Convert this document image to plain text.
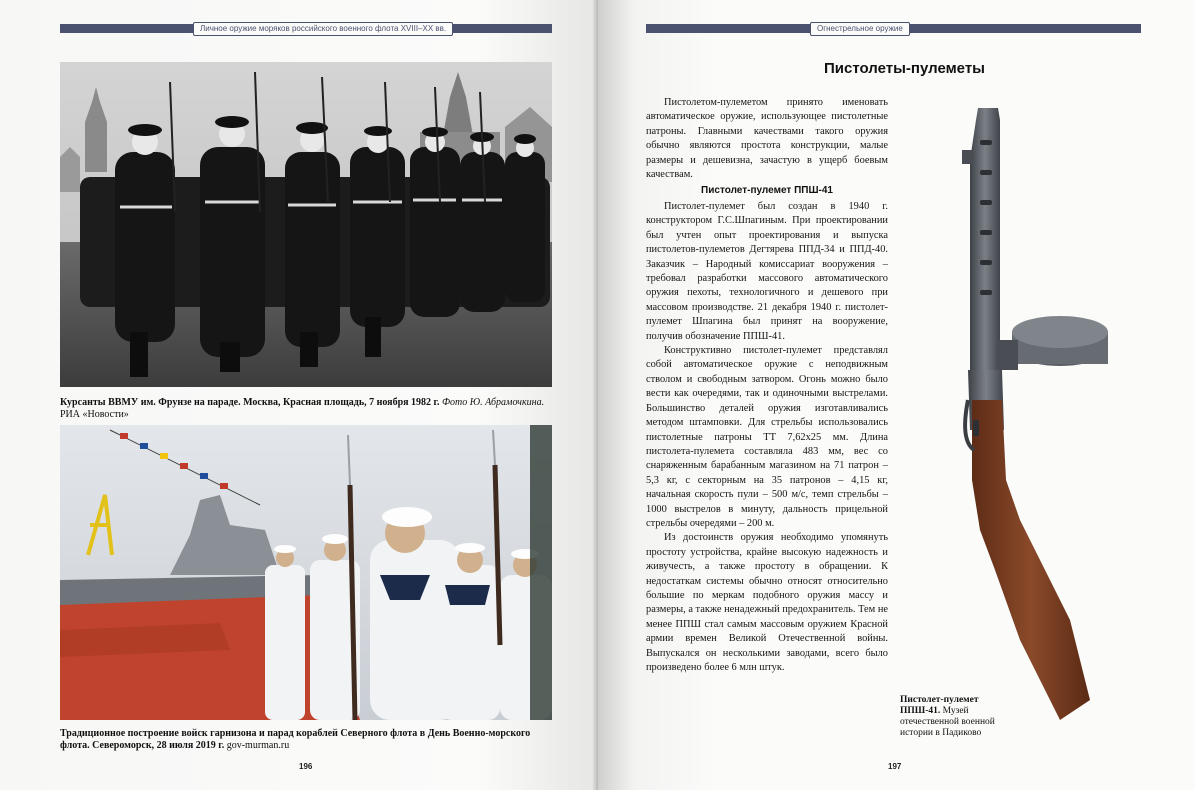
Личное оружие моряков российского военного флота XVIII–XX вв.
Курсанты ВВМУ им. Фрунзе на параде. Москва, Красная площадь, 7 ноября 1982 г. Фото Ю. Абрамочкина.
РИА «Новости»
Традиционное построение войск гарнизона и парад кораблей Северного флота в День Военно-морского флота. Североморск, 28 июля 2019 г. gov-murman.ru
196
Огнестрельное оружие
Пистолеты-пулеметы

Пистолетом-пулеметом принято именовать автоматическое оружие, использующее пистолетные патроны. Главными качествами такого оружия обычно являются простота конструкции, малые размеры и дешевизна, зачастую в ущерб боевым качествам.

Пистолет-пулемет ППШ-41

Пистолет-пулемет был создан в 1940 г. конструктором Г.С.Шпагиным. При проектировании был учтен опыт проектирования и выпуска пистолетов-пулеметов Дегтярева ППД-34 и ППД-40. Заказчик – Народный комиссариат вооружения – требовал разработки массового автоматического оружия пехоты, технологичного и дешевого при массовом производстве. 21 декабря 1940 г. пистолет-пулемет Шпагина был принят на вооружение, получив обозначение ППШ-41.

Конструктивно пистолет-пулемет представлял собой автоматическое оружие с неподвижным стволом и свободным затвором. Огонь можно было вести как очередями, так и одиночными выстрелами. Большинство деталей оружия изготавливались методом штамповки. Для стрельбы использовались пистолетные патроны ТТ 7,62x25 мм. Длина пистолета-пулемета составляла 483 мм, вес со снаряженным барабанным магазином на 71 патрон – 5,3 кг, с секторным на 35 патронов – 4,15 кг, начальная скорость пули – 500 м/с, темп стрельбы – 1000 выстрелов в минуту, дальность прицельной стрельбы очередями – 200 м.

Из достоинств оружия необходимо упомянуть простоту устройства, крайне высокую надежность и живучесть, а также простоту в обращении. К недостаткам системы обычно относят относительно большие по меркам подобного оружия массу и размеры, а также ненадежный предохранитель. Тем не менее ППШ стал самым массовым оружием Красной армии времен Великой Отечественной войны. Выпускался он несколькими заводами, всего было произведено более 6 млн штук.

Пистолет-пулемет ППШ-41. Музей отечественной военной истории в Падиково
197
